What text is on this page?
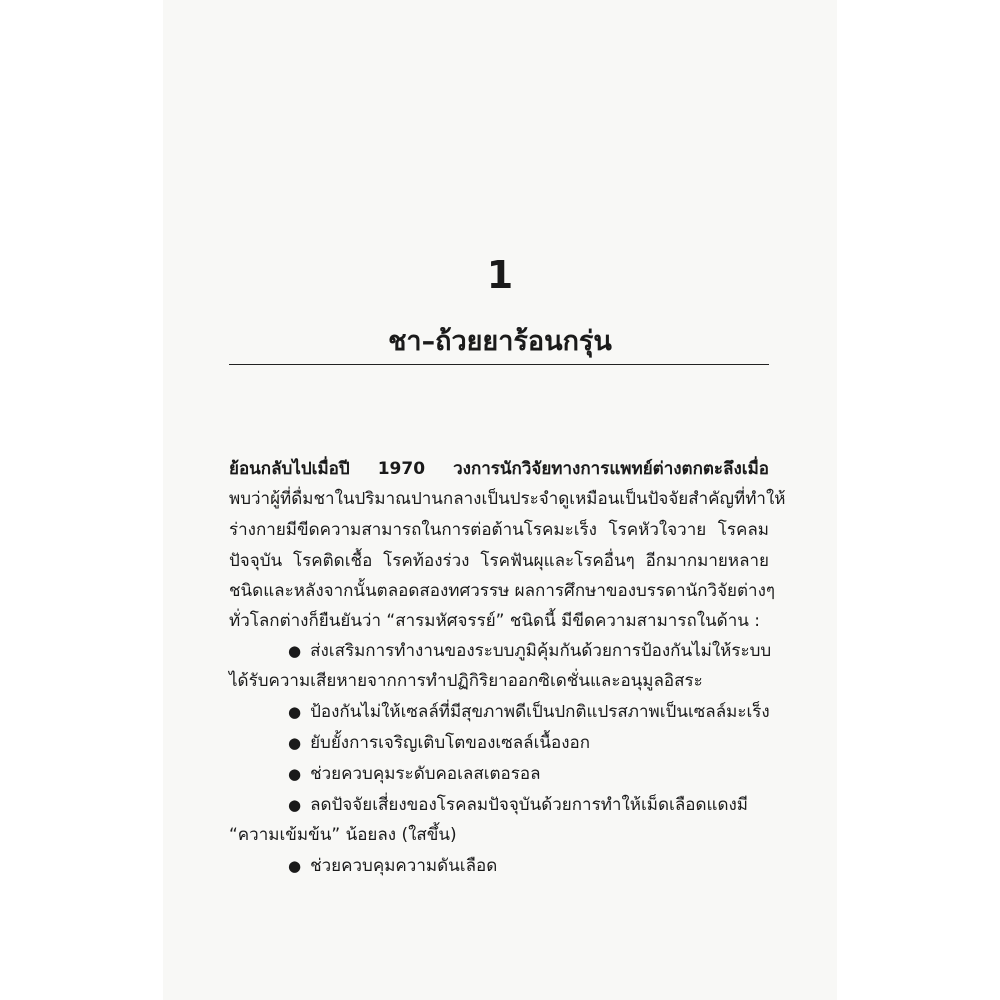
1
ชา–ถ้วยยาร้อนกรุ่น
ย้อนกลับไปเมื่อปี 1970 วงการนักวิจัยทางการแพทย์ต่างตกตะลึงเมื่อ
พบว่าผู้ที่ดื่มชาในปริมาณปานกลางเป็นประจำดูเหมือนเป็นปัจจัยสำคัญที่ทำให้
ร่างกายมีขีดความสามารถในการต่อต้านโรคมะเร็ง โรคหัวใจวาย โรคลม
ปัจจุบัน โรคติดเชื้อ โรคท้องร่วง โรคฟันผุและโรคอื่นๆ อีกมากมายหลาย
ชนิดและหลังจากนั้นตลอดสองทศวรรษ ผลการศึกษาของบรรดานักวิจัยต่างๆ
ทั่วโลกต่างก็ยืนยันว่า “สารมหัศจรรย์” ชนิดนี้ มีขีดความสามารถในด้าน :
● ส่งเสริมการทำงานของระบบภูมิคุ้มกันด้วยการป้องกันไม่ให้ระบบ
ได้รับความเสียหายจากการทำปฏิกิริยาออกซิเดชั่นและอนุมูลอิสระ
● ป้องกันไม่ให้เซลล์ที่มีสุขภาพดีเป็นปกติแปรสภาพเป็นเซลล์มะเร็ง
● ยับยั้งการเจริญเติบโตของเซลล์เนื้องอก
● ช่วยควบคุมระดับคอเลสเตอรอล
● ลดปัจจัยเสี่ยงของโรคลมปัจจุบันด้วยการทำให้เม็ดเลือดแดงมี
“ความเข้มข้น” น้อยลง (ใสขึ้น)
● ช่วยควบคุมความดันเลือด
